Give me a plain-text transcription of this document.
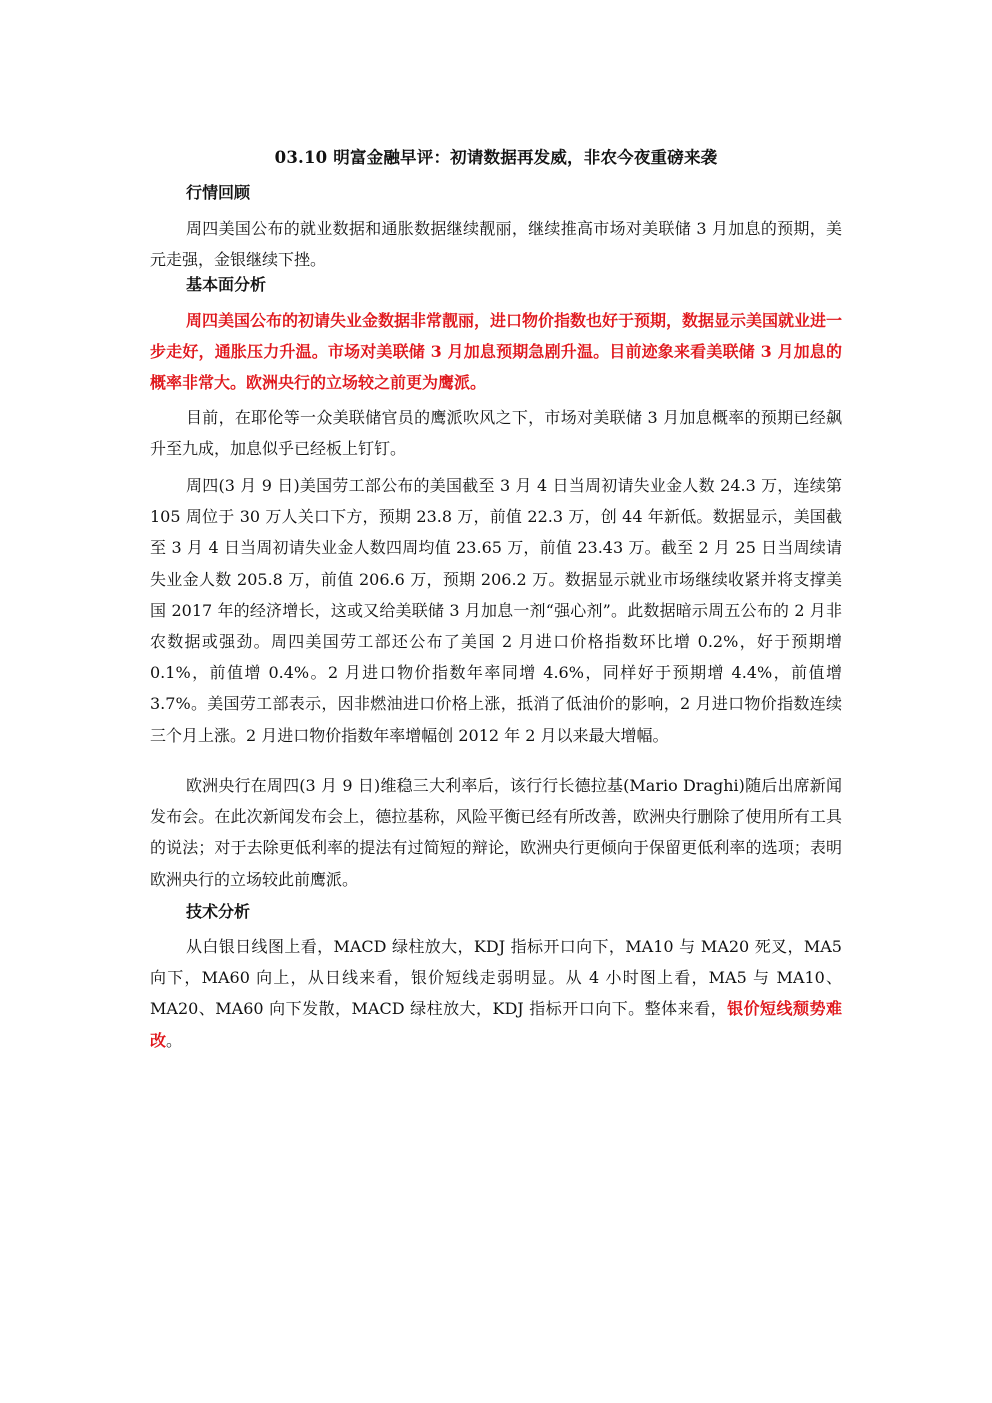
03.10 明富金融早评：初请数据再发威，非农今夜重磅来袭
行情回顾

周四美国公布的就业数据和通胀数据继续靓丽，继续推高市场对美联储 3 月加息的预期，美元走强，金银继续下挫。

基本面分析

周四美国公布的初请失业金数据非常靓丽，进口物价指数也好于预期，数据显示美国就业进一步走好，通胀压力升温。市场对美联储 3 月加息预期急剧升温。目前迹象来看美联储 3 月加息的概率非常大。欧洲央行的立场较之前更为鹰派。

目前，在耶伦等一众美联储官员的鹰派吹风之下，市场对美联储 3 月加息概率的预期已经飙升至九成，加息似乎已经板上钉钉。

周四(3 月 9 日)美国劳工部公布的美国截至 3 月 4 日当周初请失业金人数 24.3 万，连续第 105 周位于 30 万人关口下方，预期 23.8 万，前值 22.3 万，创 44 年新低。数据显示，美国截至 3 月 4 日当周初请失业金人数四周均值 23.65 万，前值 23.43 万。截至 2 月 25 日当周续请失业金人数 205.8 万，前值 206.6 万，预期 206.2 万。数据显示就业市场继续收紧并将支撑美国 2017 年的经济增长，这或又给美联储 3 月加息一剂“强心剂”。此数据暗示周五公布的 2 月非农数据或强劲。周四美国劳工部还公布了美国 2 月进口价格指数环比增 0.2%，好于预期增 0.1%，前值增 0.4%。2 月进口物价指数年率同增 4.6%，同样好于预期增 4.4%，前值增 3.7%。美国劳工部表示，因非燃油进口价格上涨，抵消了低油价的影响，2 月进口物价指数连续三个月上涨。2 月进口物价指数年率增幅创 2012 年 2 月以来最大增幅。

欧洲央行在周四(3 月 9 日)维稳三大利率后，该行行长德拉基(Mario Draghi)随后出席新闻发布会。在此次新闻发布会上，德拉基称，风险平衡已经有所改善，欧洲央行删除了使用所有工具的说法；对于去除更低利率的提法有过简短的辩论，欧洲央行更倾向于保留更低利率的选项；表明欧洲央行的立场较此前鹰派。

技术分析

从白银日线图上看，MACD 绿柱放大，KDJ 指标开口向下，MA10 与 MA20 死叉，MA5 向下，MA60 向上，从日线来看，银价短线走弱明显。从 4 小时图上看，MA5 与 MA10、MA20、MA60 向下发散，MACD 绿柱放大，KDJ 指标开口向下。整体来看，银价短线颓势难改。
